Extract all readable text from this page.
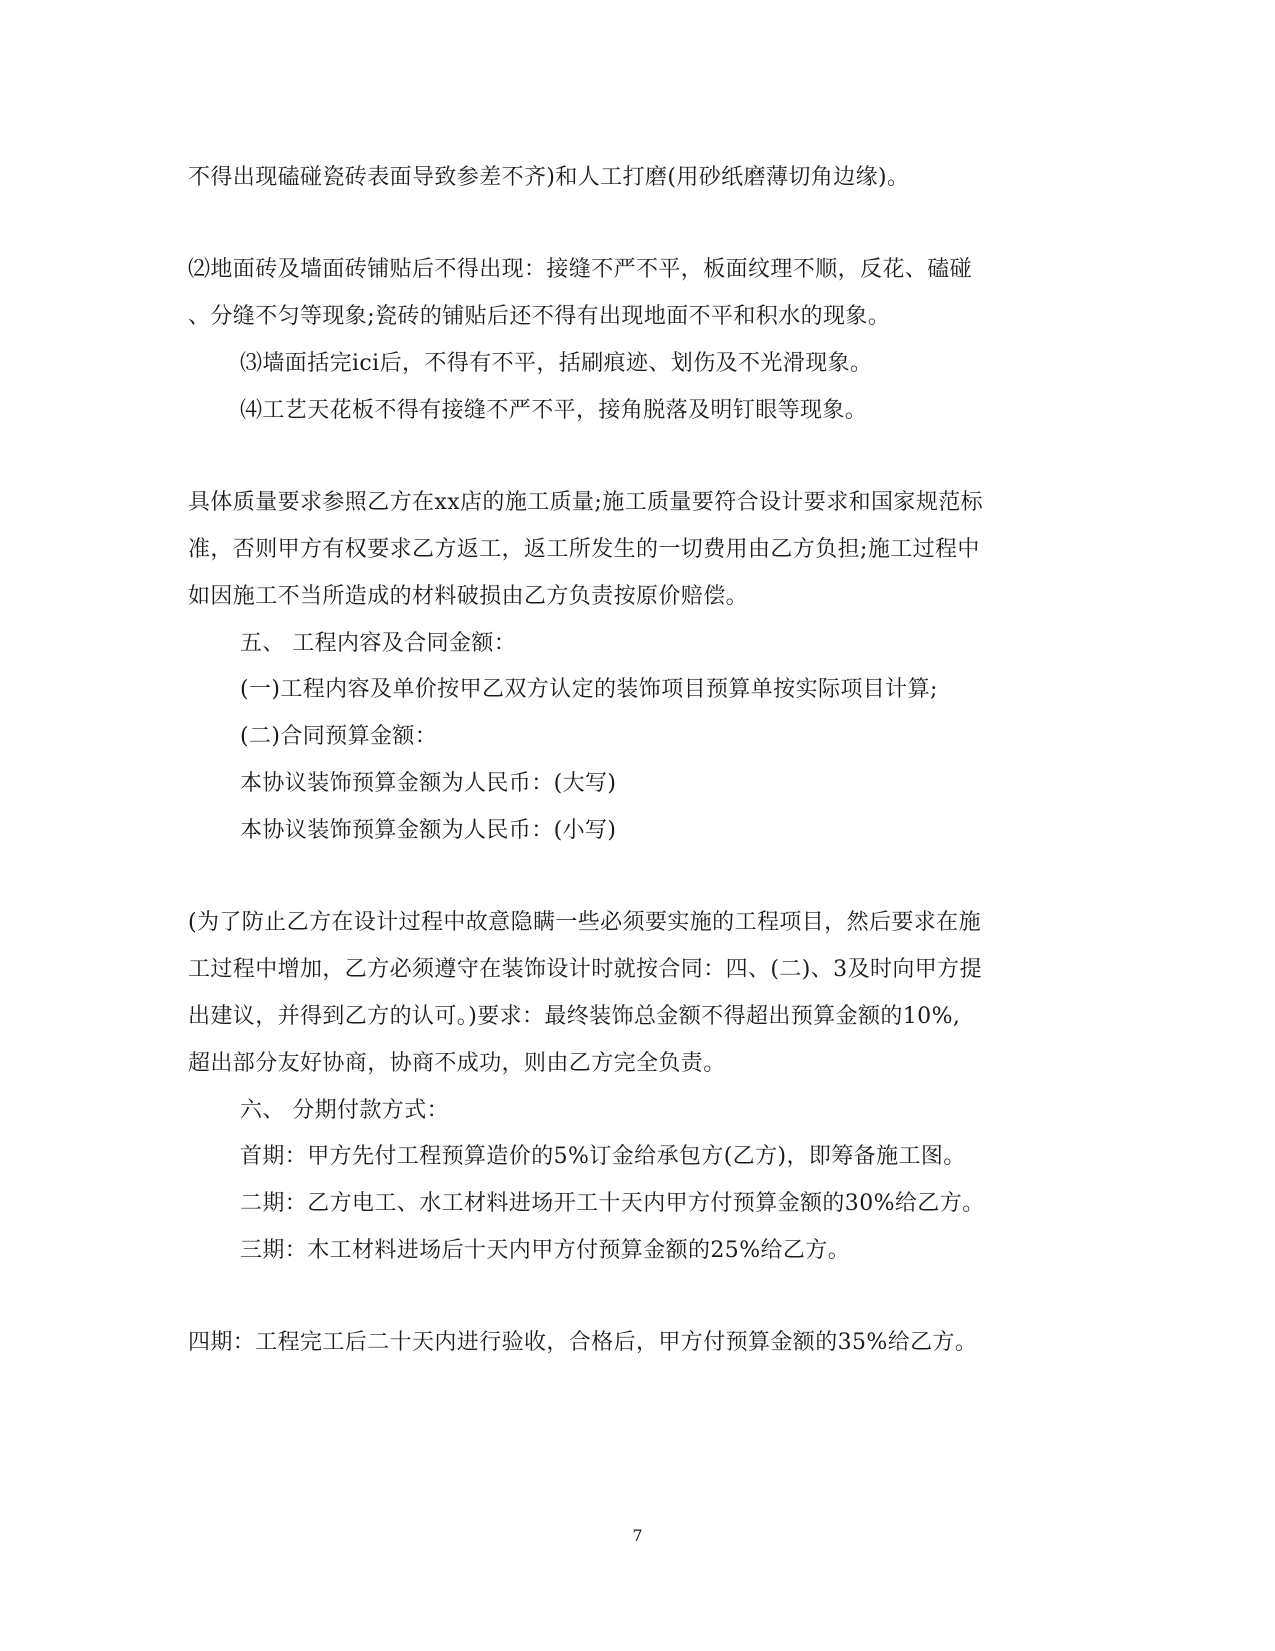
不得出现磕碰瓷砖表面导致参差不齐)和人工打磨(用砂纸磨薄切角边缘)。
⑵地面砖及墙面砖铺贴后不得出现：接缝不严不平，板面纹理不顺，反花、磕碰
、分缝不匀等现象;瓷砖的铺贴后还不得有出现地面不平和积水的现象。
⑶墙面括完ici后，不得有不平，括刷痕迹、划伤及不光滑现象。
⑷工艺天花板不得有接缝不严不平，接角脱落及明钉眼等现象。
具体质量要求参照乙方在xx店的施工质量;施工质量要符合设计要求和国家规范标
准，否则甲方有权要求乙方返工，返工所发生的一切费用由乙方负担;施工过程中
如因施工不当所造成的材料破损由乙方负责按原价赔偿。
五、 工程内容及合同金额：
(一)工程内容及单价按甲乙双方认定的装饰项目预算单按实际项目计算;
(二)合同预算金额：
本协议装饰预算金额为人民币：(大写)
本协议装饰预算金额为人民币：(小写)
(为了防止乙方在设计过程中故意隐瞒一些必须要实施的工程项目，然后要求在施
工过程中增加，乙方必须遵守在装饰设计时就按合同：四、(二)、3及时向甲方提
出建议，并得到乙方的认可。)要求：最终装饰总金额不得超出预算金额的10%,
超出部分友好协商，协商不成功，则由乙方完全负责。
六、 分期付款方式：
首期：甲方先付工程预算造价的5%订金给承包方(乙方)，即筹备施工图。
二期：乙方电工、水工材料进场开工十天内甲方付预算金额的30%给乙方。
三期：木工材料进场后十天内甲方付预算金额的25%给乙方。
四期：工程完工后二十天内进行验收，合格后，甲方付预算金额的35%给乙方。
7
